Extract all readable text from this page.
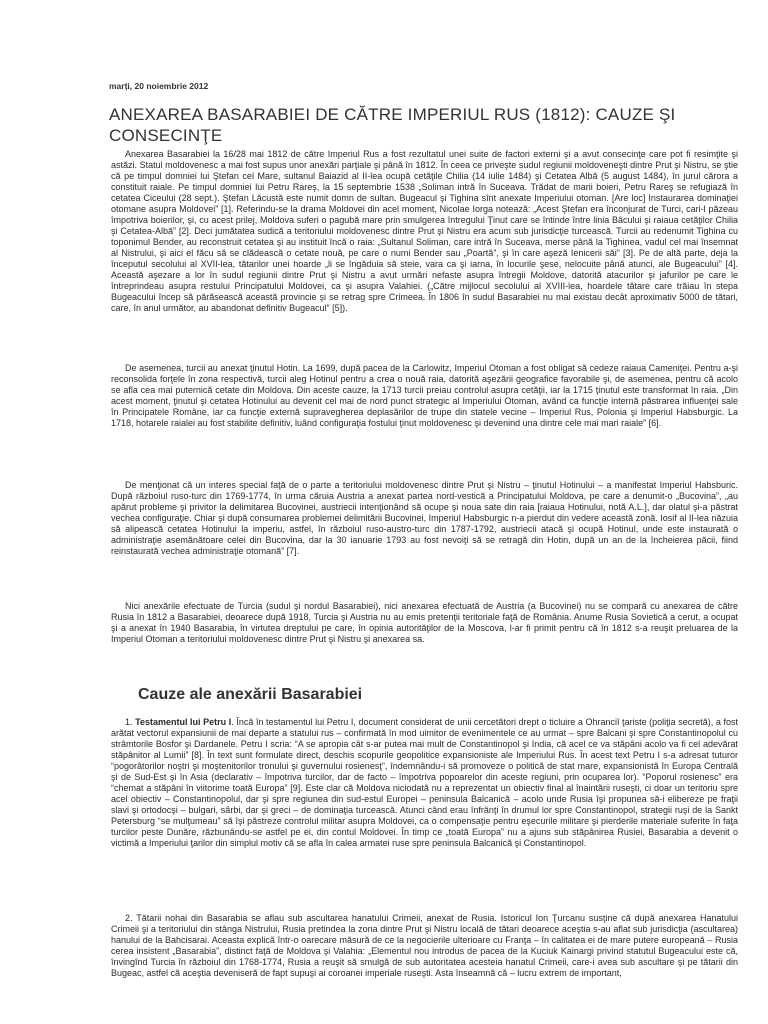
marți, 20 noiembrie 2012
ANEXAREA BASARABIEI DE CĂTRE IMPERIUL RUS (1812): CAUZE ŞI CONSECINŢE

Anexarea Basarabiei la 16/28 mai 1812 de către Imperiul Rus a fost rezultatul unei suite de factori externi şi a avut consecinţe care pot fi resimţite şi astăzi. Statul moldovenesc a mai fost supus unor anexări parţiale şi până în 1812. În ceea ce priveşte sudul regiunii moldoveneşti dintre Prut şi Nistru, se ştie că pe timpul domniei lui Ştefan cel Mare, sultanul Baiazid al II-lea ocupă cetăţile Chilia (14 iulie 1484) şi Cetatea Albă (5 august 1484), în jurul cărora a constituit raiale. Pe timpul domniei lui Petru Rareş, la 15 septembrie 1538 „Soliman intră în Suceava. Trădat de marii boieri, Petru Rareş se refugiază în cetatea Ciceului (28 sept.). Ştefan Lăcustă este numit domn de sultan. Bugeacul şi Tighina sînt anexate Imperiului otoman. [Are loc] Instaurarea dominaţiei otomane asupra Moldovei” [1]. Referindu-se la drama Moldovei din acel moment, Nicolae Iorga notează: „Acest Ştefan era înconjurat de Turci, cari-l păzeau împotriva boierilor, şi, cu acest prilej, Moldova suferi o pagubă mare prin smulgerea întregului Ţinut care se întinde între linia Bâcului şi raiaua cetăţilor Chilia şi Cetatea-Albă” [2]. Deci jumătatea sudică a teritoriului moldovenesc dintre Prut şi Nistru era acum sub jurisdicţie turcească. Turcii au redenumit Tighina cu toponimul Bender, au reconstruit cetatea şi au instituit încă o raia: „Sultanul Soliman, care intră în Suceava, merse până la Tighinea, vadul cel mai însemnat al Nistrului, şi aici el făcu să se clădească o cetate nouă, pe care o numi Bender sau „Poartă”, şi în care aşeză Ienicerii săi” [3]. Pe de altă parte, deja la începutul secolului al XVII-lea, tătarilor unei hoarde „li se îngăduia să steie, vara ca şi iarna, în locurile şese, nelocuite până atunci, ale Bugeacului” [4]. Această aşezare a lor în sudul regiunii dintre Prut şi Nistru a avut urmări nefaste asupra întregii Moldove, datorită atacurilor şi jafurilor pe care le întreprindeau asupra restului Principatului Moldovei, ca şi asupra Valahiei. („Către mijlocul secolului al XVIII-lea, hoardele tătare care trăiau în stepa Bugeacului încep să părăsească această provincie şi se retrag spre Crimeea. În 1806 în sudul Basarabiei nu mai existau decât aproximativ 5000 de tătari, care, în anul următor, au abandonat definitiv Bugeacul” [5]).

De asemenea, turcii au anexat ţinutul Hotin. La 1699, după pacea de la Carlowitz, Imperiul Otoman a fost obligat să cedeze raiaua Cameniţei. Pentru a-şi reconsolida forţele în zona respectivă, turcii aleg Hotinul pentru a crea o nouă raia, datorită aşezării geografice favorabile şi, de asemenea, pentru că acolo se afla cea mai puternică cetate din Moldova. Din aceste cauze, la 1713 turcii preiau controlul asupra cetăţii, iar la 1715 ţinutul este transformat în raia. „Din acest moment, ţinutul şi cetatea Hotinului au devenit cel mai de nord punct strategic al Imperiului Otoman, având ca funcţie internă păstrarea influenţei sale în Principatele Române, iar ca funcţie externă supravegherea deplasărilor de trupe din statele vecine – Imperiul Rus, Polonia şi Imperiul Habsburgic. La 1718, hotarele raialei au fost stabilite definitiv, luând configuraţia fostului ţinut moldovenesc şi devenind una dintre cele mai mari raiale” [6].

De menţionat că un interes special faţă de o parte a teritoriului moldovenesc dintre Prut şi Nistru – ţinutul Hotinului – a manifestat Imperiul Habsburic. După războiul ruso-turc din 1769-1774, în urma căruia Austria a anexat partea nord-vestică a Principatului Moldova, pe care a denumit-o „Bucovina”, „au apărut probleme şi privitor la delimitarea Bucovinei, austriecii intenţionând să ocupe şi noua sate din raia [raiaua Hotinului, notă A.L.], dar olatul şi-a păstrat vechea configuraţie. Chiar şi după consumarea problemei delimitării Bucovinei, Imperiul Habsburgic n-a pierdut din vedere această zonă. Iosif al II-lea năzuia să alipească cetatea Hotinului la imperiu, astfel, în războiul ruso-austro-turc din 1787-1792, austriecii atacă şi ocupă Hotinul, unde este instaurată o administraţie asemănătoare celei din Bucovina, dar la 30 ianuarie 1793 au fost nevoiţi să se retragă din Hotin, după un an de la încheierea păcii, fiind reinstaurată vechea administraţie otomană” [7].

Nici anexările efectuate de Turcia (sudul şi nordul Basarabiei), nici anexarea efectuată de Austria (a Bucovinei) nu se compară cu anexarea de către Rusia în 1812 a Basarabiei, deoarece după 1918, Turcia şi Austria nu au emis pretenţii teritoriale faţă de România. Anume Rusia Sovietică a cerut, a ocupat şi a anexat în 1940 Basarabia, în virtutea dreptului pe care, în opinia autorităţilor de la Moscova, l-ar fi primit pentru că în 1812 s-a reuşit preluarea de la Imperiul Otoman a teritoriului moldovenesc dintre Prut şi Nistru şi anexarea sa.

Cauze ale anexării Basarabiei

1. Testamentul lui Petru I. Încă în testamentul lui Petru I, document considerat de unii cercetători drept o ticluire a Ohranciî ţariste (poliţia secretă), a fost arătat vectorul expansiunii de mai departe a statului rus – confirmată în mod uimitor de evenimentele ce au urmat – spre Balcani şi spre Constantinopolul cu strâmtorile Bosfor şi Dardanele. Petru I scria: “A se apropia cât s-ar putea mai mult de Constantinopol şi India, că acel ce va stăpâni acolo va fi cel adevărat stăpânitor al Lumii” [8]. În text sunt formulate direct, deschis scopurile geopolitice expansioniste ale Imperiului Rus. În acest text Petru I s-a adresat tuturor “pogorâtorilor noştri şi moştenitorilor tronului şi guvernului rosienesţ”, îndemnându-i să promoveze o politică de stat mare, expansionistă în Europa Centrală şi de Sud-Est şi în Asia (declarativ – împotriva turcilor, dar de facto – împotriva popoarelor din aceste regiuni, prin ocuparea lor). “Poporul rosienesc” era “chemat a stăpâni în viitorime toată Europa” [9]. Este clar că Moldova niciodată nu a reprezentat un obiectiv final al înaintării ruseşti, ci doar un teritoriu spre acel obiectiv – Constantinopolul, dar şi spre regiunea din sud-estul Europei – peninsula Balcanică – acolo unde Rusia îşi propunea să-i elibereze pe fraţii slavi şi ortodocşi – bulgari, sârbi, dar şi greci – de dominaţia turcească. Atunci când erau înfrânţi în drumul lor spre Constantinopol, strategii ruşi de la Sankt Petersburg “se mulţumeau” să îşi păstreze controlul militar asupra Moldovei, ca o compensaţie pentru eşecurile militare şi pierderile materiale suferite în faţa turcilor peste Dunăre, răzbunându-se astfel pe ei, din contul Moldovei. În timp ce „toată Europa” nu a ajuns sub stăpânirea Rusiei, Basarabia a devenit o victimă a Imperiului ţarilor din simplul motiv că se afla în calea armatei ruse spre peninsula Balcanică şi Constantinopol.

2. Tătarii nohai din Basarabia se aflau sub ascultarea hanatului Crimeii, anexat de Rusia. Istoricul Ion Ţurcanu susţine că după anexarea Hanatului Crimeii şi a teritoriului din stânga Nistrului, Rusia pretindea la zona dintre Prut şi Nistru locală de tătari deoarece aceştia s-au aflat sub jurisdicţia (ascultarea) hanului de la Bahcisarai. Aceasta explică într-o oarecare măsură de ce la negocierile ulterioare cu Franţa – în calitatea ei de mare putere europeană – Rusia cerea insistent „Basarabia”, distinct faţă de Moldova şi Valahia: „Elementul nou introdus de pacea de la Kuciuk Kainargi privind statutul Bugeacului este că, învingînd Turcia în războiul din 1768-1774, Rusia a reuşit să smulgă de sub autoritatea acesteia hanatul Crimeii, care-i avea sub ascultare şi pe tătarii din Bugeac, astfel că aceştia deveniseră de fapt supuşi ai coroanei imperiale ruseşti. Asta înseamnă că – lucru extrem de important,
